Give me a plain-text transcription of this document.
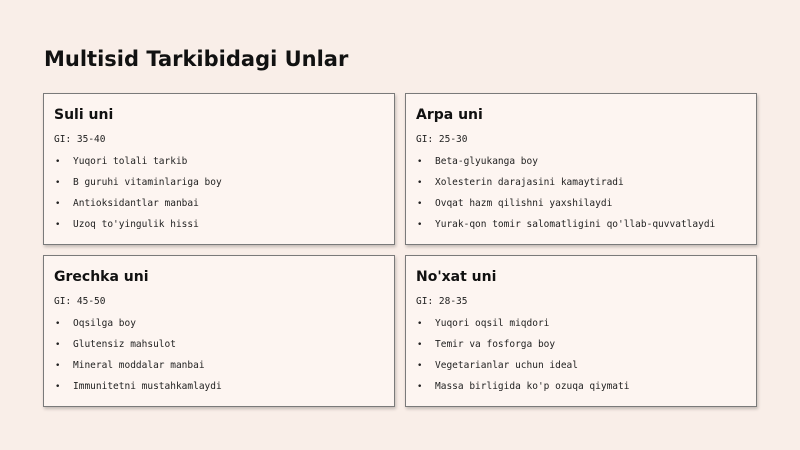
Multisid Tarkibidagi Unlar
Suli uni
GI: 35-40
• Yuqori tolali tarkib
• B guruhi vitaminlariga boy
• Antioksidantlar manbai
• Uzoq to'yingulik hissi
Arpa uni
GI: 25-30
• Beta-glyukanga boy
• Xolesterin darajasini kamaytiradi
• Ovqat hazm qilishni yaxshilaydi
• Yurak-qon tomir salomatligini qo'llab-quvvatlaydi
Grechka uni
GI: 45-50
• Oqsilga boy
• Glutensiz mahsulot
• Mineral moddalar manbai
• Immunitetni mustahkamlaydi
No'xat uni
GI: 28-35
• Yuqori oqsil miqdori
• Temir va fosforga boy
• Vegetarianlar uchun ideal
• Massa birligida ko'p ozuqa qiymati
